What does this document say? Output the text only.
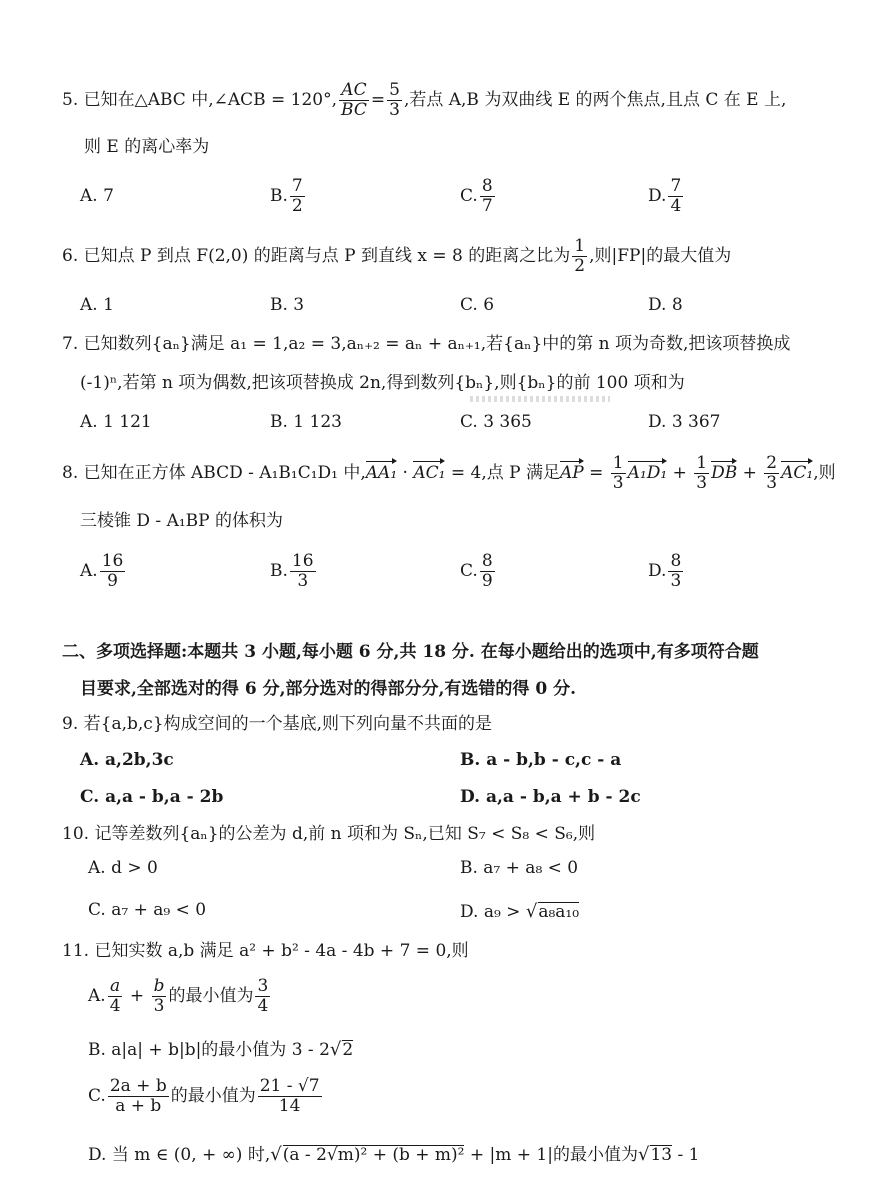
5. 已知在△ABC 中,∠ACB = 120°, $\frac{AC}{BC} = \frac{5}{3}$ ,若点 A,B 为双曲线 E 的两个焦点,且点 C 在 E 上,
则 E 的离心率为
A. 7	B. $\frac{7}{2}$	C. $\frac{8}{7}$	D. $\frac{7}{4}$
6. 已知点 P 到点 F(2,0) 的距离与点 P 到直线 x = 8 的距离之比为 $\frac{1}{2}$ ,则|FP|的最大值为
A. 1	B. 3	C. 6	D. 8
7. 已知数列{aₙ}满足 a₁ = 1,a₂ = 3,aₙ₊₂ = aₙ + aₙ₊₁,若{aₙ}中的第 n 项为奇数,把该项替换成
(-1)ⁿ,若第 n 项为偶数,把该项替换成 2n,得到数列{bₙ},则{bₙ}的前 100 项和为
A. 1 121	B. 1 123	C. 3 365	D. 3 367
8. 已知在正方体 ABCD - A₁B₁C₁D₁ 中,AA₁ · AC₁ = 4,点 P 满足AP = $\frac{1}{3} A_1D_1 + \frac{1}{3}$ DB + $\frac{2}{3} AC_1$,则
三棱锥 D - A₁BP 的体积为
A. $\frac{16}{9}$	B. $\frac{16}{3}$	C. $\frac{8}{9}$	D. $\frac{8}{3}$
二、多项选择题:本题共 3 小题,每小题 6 分,共 18 分. 在每小题给出的选项中,有多项符合题
目要求,全部选对的得 6 分,部分选对的得部分分,有选错的得 0 分.
9. 若{a,b,c}构成空间的一个基底,则下列向量不共面的是
A. a,2b,3c	B. a - b,b - c,c - a
C. a,a - b,a - 2b	D. a,a - b,a + b - 2c
10. 记等差数列{aₙ}的公差为 d,前 n 项和为 Sₙ,已知 S₇ < S₈ < S₆,则
A. d > 0	B. a₇ + a₈ < 0
C. a₇ + a₉ < 0	D. a₉ > √a₈a₁₀
11. 已知实数 a,b 满足 a² + b² - 4a - 4b + 7 = 0,则
A. $\frac{a}{4} + \frac{b}{3}$ 的最小值为 $\frac{3}{4}$
B. a|a| + b|b|的最小值为 3 - 2√2
C. $\frac{2a + b}{a + b}$ 的最小值为 $\frac{21 - √7}{14}$
D. 当 m ∈ (0, + ∞) 时,√(a - 2√m)² + (b + m)² + |m + 1|的最小值为√13 - 1
